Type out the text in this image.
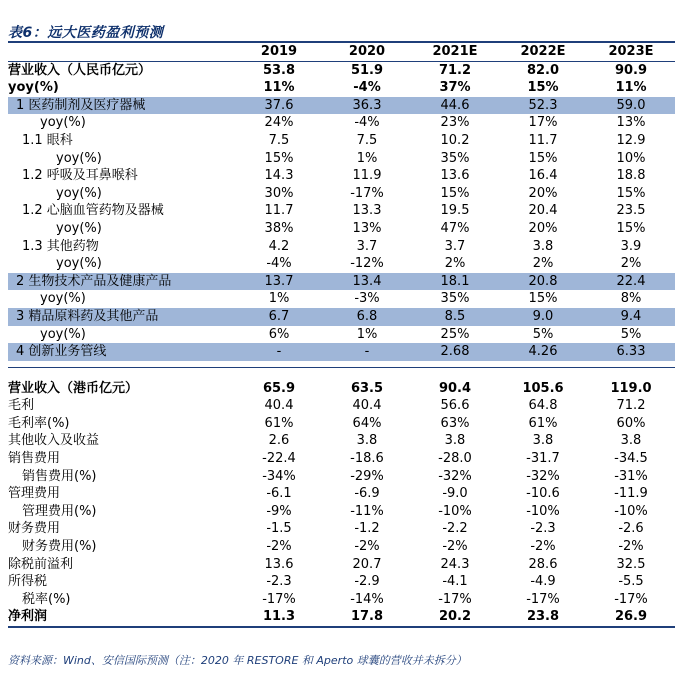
表6：远大医药盈利预测
	2019	2020	2021E	2022E	2023E
营业收入（人民币亿元）	53.8	51.9	71.2	82.0	90.9
yoy(%)	11%	-4%	37%	15%	11%
1 医药制剂及医疗器械	37.6	36.3	44.6	52.3	59.0
yoy(%)	24%	-4%	23%	17%	13%
1.1 眼科	7.5	7.5	10.2	11.7	12.9
yoy(%)	15%	1%	35%	15%	10%
1.2 呼吸及耳鼻喉科	14.3	11.9	13.6	16.4	18.8
yoy(%)	30%	-17%	15%	20%	15%
1.2 心脑血管药物及器械	11.7	13.3	19.5	20.4	23.5
yoy(%)	38%	13%	47%	20%	15%
1.3 其他药物	4.2	3.7	3.7	3.8	3.9
yoy(%)	-4%	-12%	2%	2%	2%
2 生物技术产品及健康产品	13.7	13.4	18.1	20.8	22.4
yoy(%)	1%	-3%	35%	15%	8%
3 精品原料药及其他产品	6.7	6.8	8.5	9.0	9.4
yoy(%)	6%	1%	25%	5%	5%
4 创新业务管线	-	-	2.68	4.26	6.33

营业收入（港币亿元）	65.9	63.5	90.4	105.6	119.0
毛利	40.4	40.4	56.6	64.8	71.2
毛利率(%)	61%	64%	63%	61%	60%
其他收入及收益	2.6	3.8	3.8	3.8	3.8
销售费用	-22.4	-18.6	-28.0	-31.7	-34.5
销售费用(%)	-34%	-29%	-32%	-32%	-31%
管理费用	-6.1	-6.9	-9.0	-10.6	-11.9
管理费用(%)	-9%	-11%	-10%	-10%	-10%
财务费用	-1.5	-1.2	-2.2	-2.3	-2.6
财务费用(%)	-2%	-2%	-2%	-2%	-2%
除税前溢利	13.6	20.7	24.3	28.6	32.5
所得税	-2.3	-2.9	-4.1	-4.9	-5.5
税率(%)	-17%	-14%	-17%	-17%	-17%
净利润	11.3	17.8	20.2	23.8	26.9
资料来源：Wind、安信国际预测（注：2020 年 RESTORE 和 Aperto 球囊的营收并未拆分）
